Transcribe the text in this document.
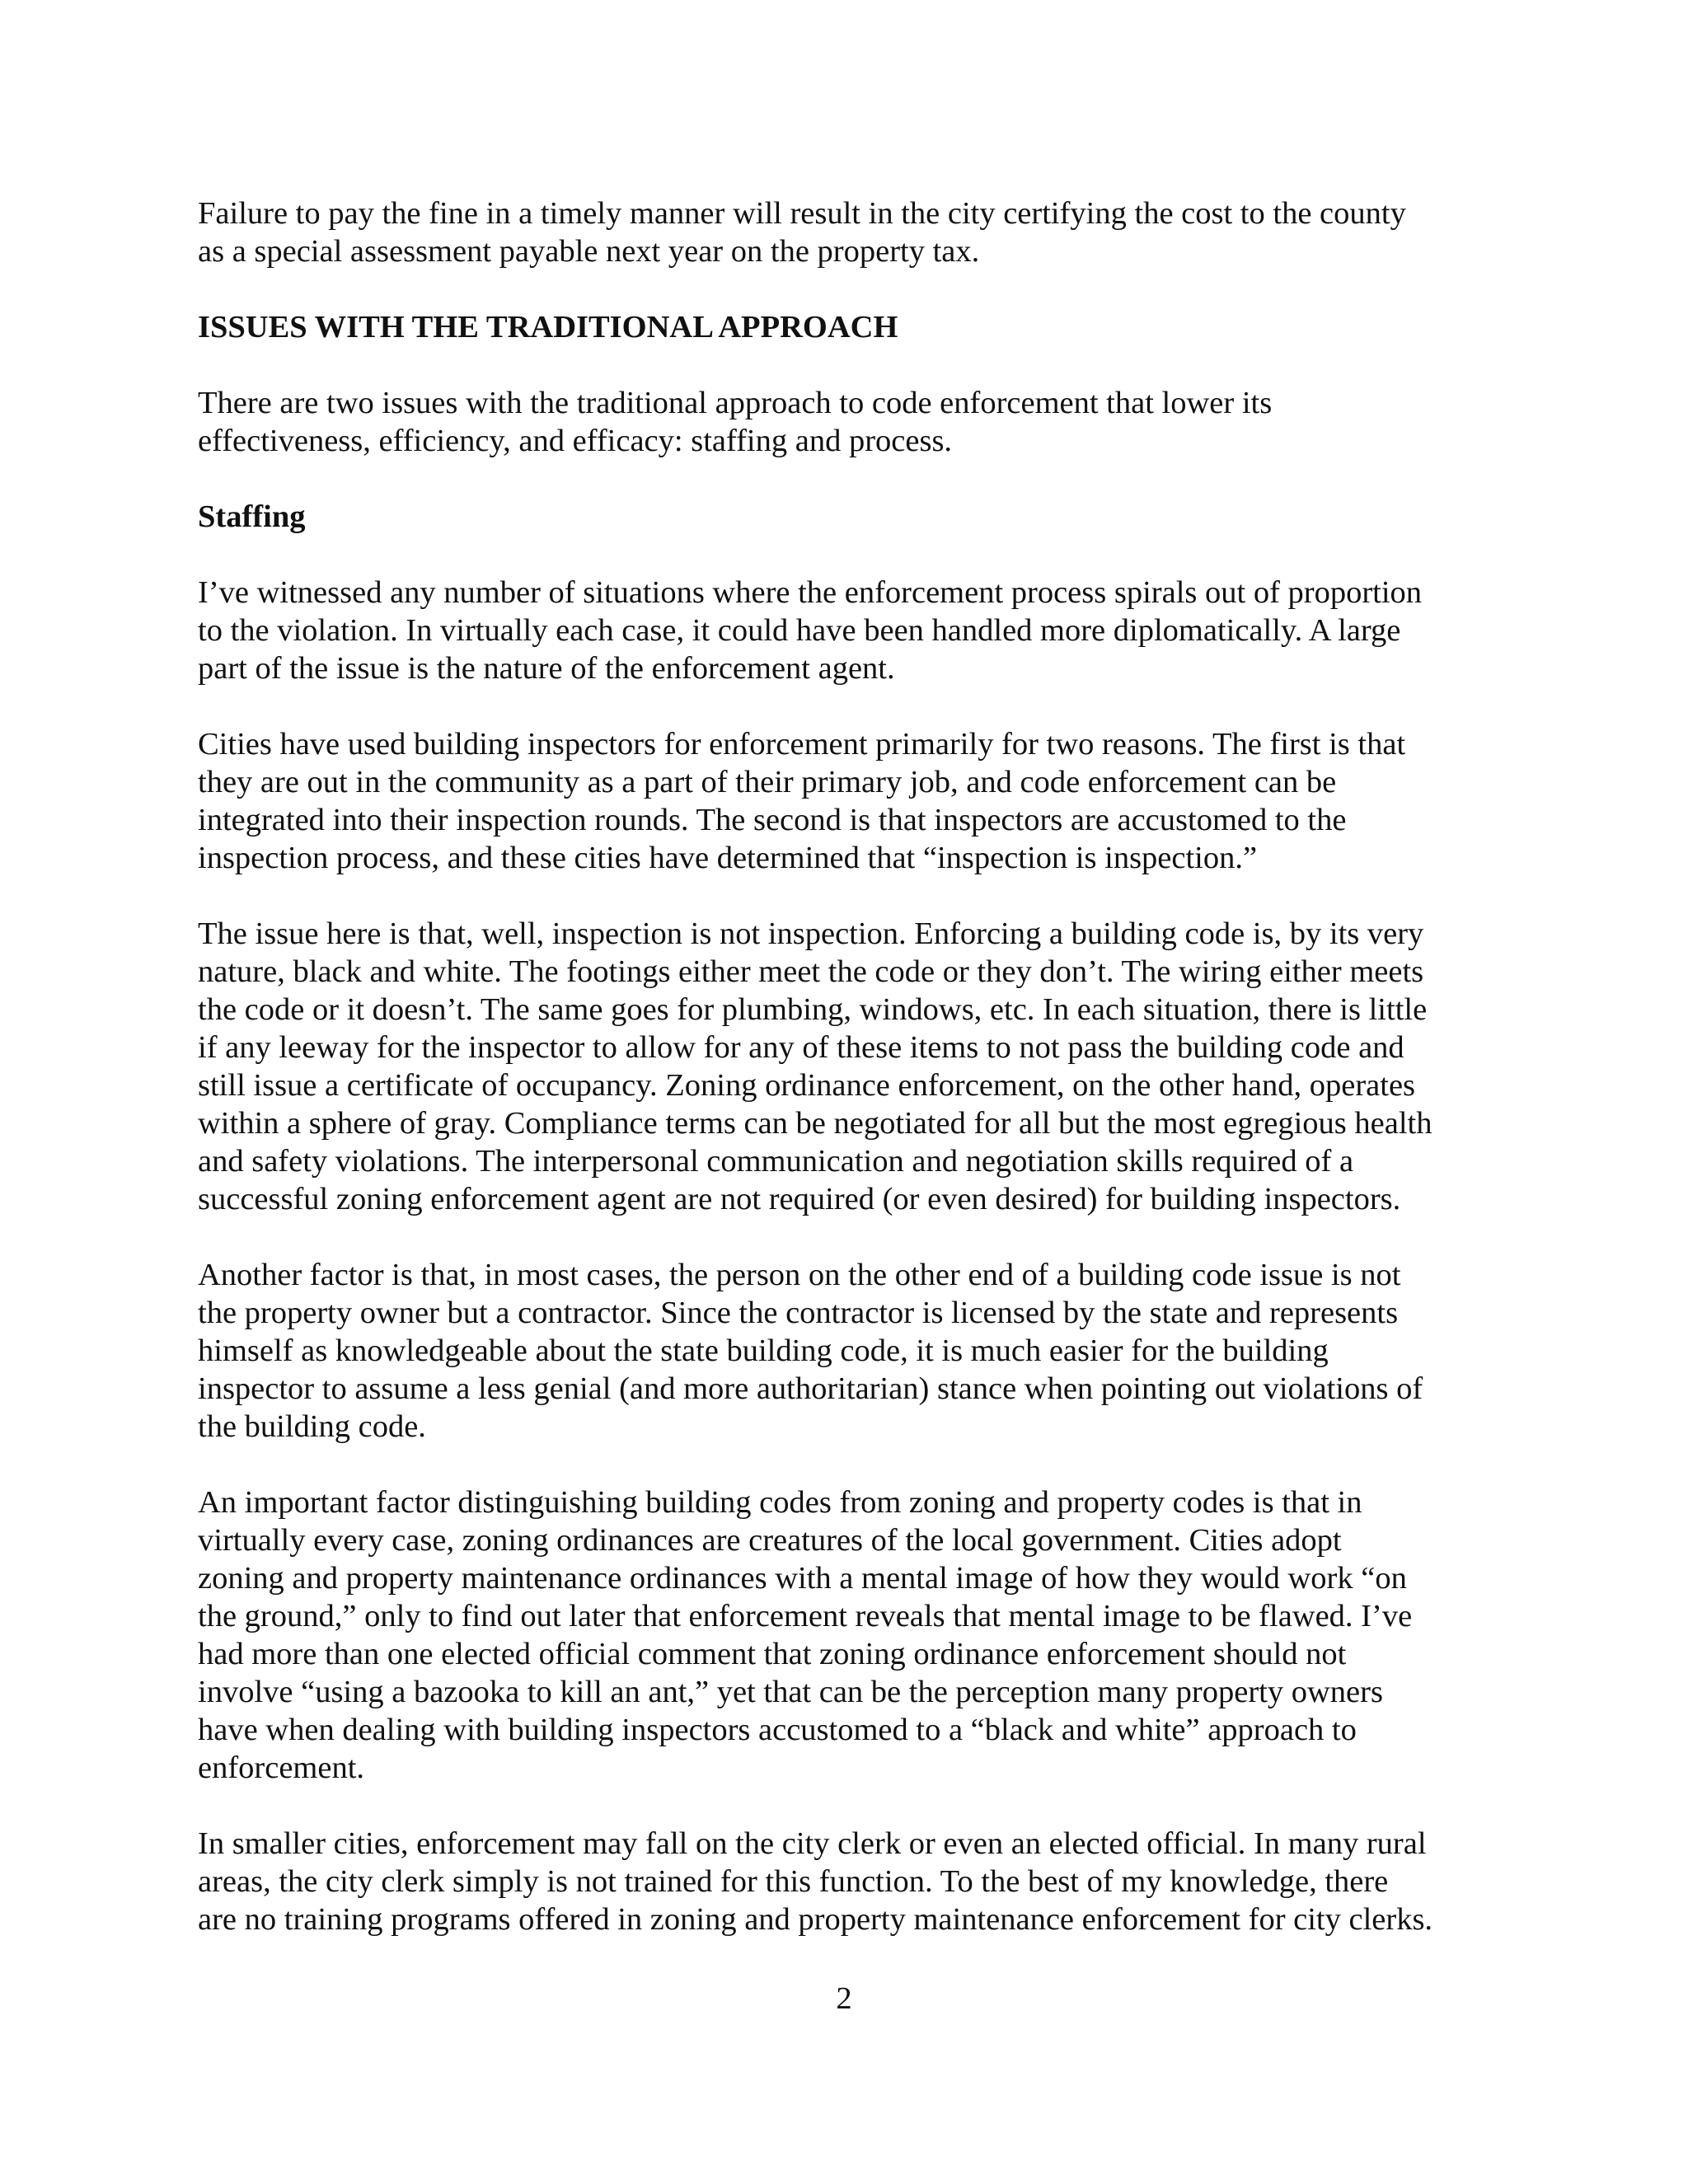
Failure to pay the fine in a timely manner will result in the city certifying the cost to the county
as a special assessment payable next year on the property tax.
ISSUES WITH THE TRADITIONAL APPROACH
There are two issues with the traditional approach to code enforcement that lower its
effectiveness, efficiency, and efficacy: staffing and process.
Staffing
I’ve witnessed any number of situations where the enforcement process spirals out of proportion
to the violation. In virtually each case, it could have been handled more diplomatically. A large
part of the issue is the nature of the enforcement agent.
Cities have used building inspectors for enforcement primarily for two reasons. The first is that
they are out in the community as a part of their primary job, and code enforcement can be
integrated into their inspection rounds. The second is that inspectors are accustomed to the
inspection process, and these cities have determined that “inspection is inspection.”
The issue here is that, well, inspection is not inspection. Enforcing a building code is, by its very
nature, black and white. The footings either meet the code or they don’t. The wiring either meets
the code or it doesn’t. The same goes for plumbing, windows, etc. In each situation, there is little
if any leeway for the inspector to allow for any of these items to not pass the building code and
still issue a certificate of occupancy. Zoning ordinance enforcement, on the other hand, operates
within a sphere of gray. Compliance terms can be negotiated for all but the most egregious health
and safety violations. The interpersonal communication and negotiation skills required of a
successful zoning enforcement agent are not required (or even desired) for building inspectors.
Another factor is that, in most cases, the person on the other end of a building code issue is not
the property owner but a contractor. Since the contractor is licensed by the state and represents
himself as knowledgeable about the state building code, it is much easier for the building
inspector to assume a less genial (and more authoritarian) stance when pointing out violations of
the building code.
An important factor distinguishing building codes from zoning and property codes is that in
virtually every case, zoning ordinances are creatures of the local government. Cities adopt
zoning and property maintenance ordinances with a mental image of how they would work “on
the ground,” only to find out later that enforcement reveals that mental image to be flawed. I’ve
had more than one elected official comment that zoning ordinance enforcement should not
involve “using a bazooka to kill an ant,” yet that can be the perception many property owners
have when dealing with building inspectors accustomed to a “black and white” approach to
enforcement.
In smaller cities, enforcement may fall on the city clerk or even an elected official. In many rural
areas, the city clerk simply is not trained for this function. To the best of my knowledge, there
are no training programs offered in zoning and property maintenance enforcement for city clerks.
2
